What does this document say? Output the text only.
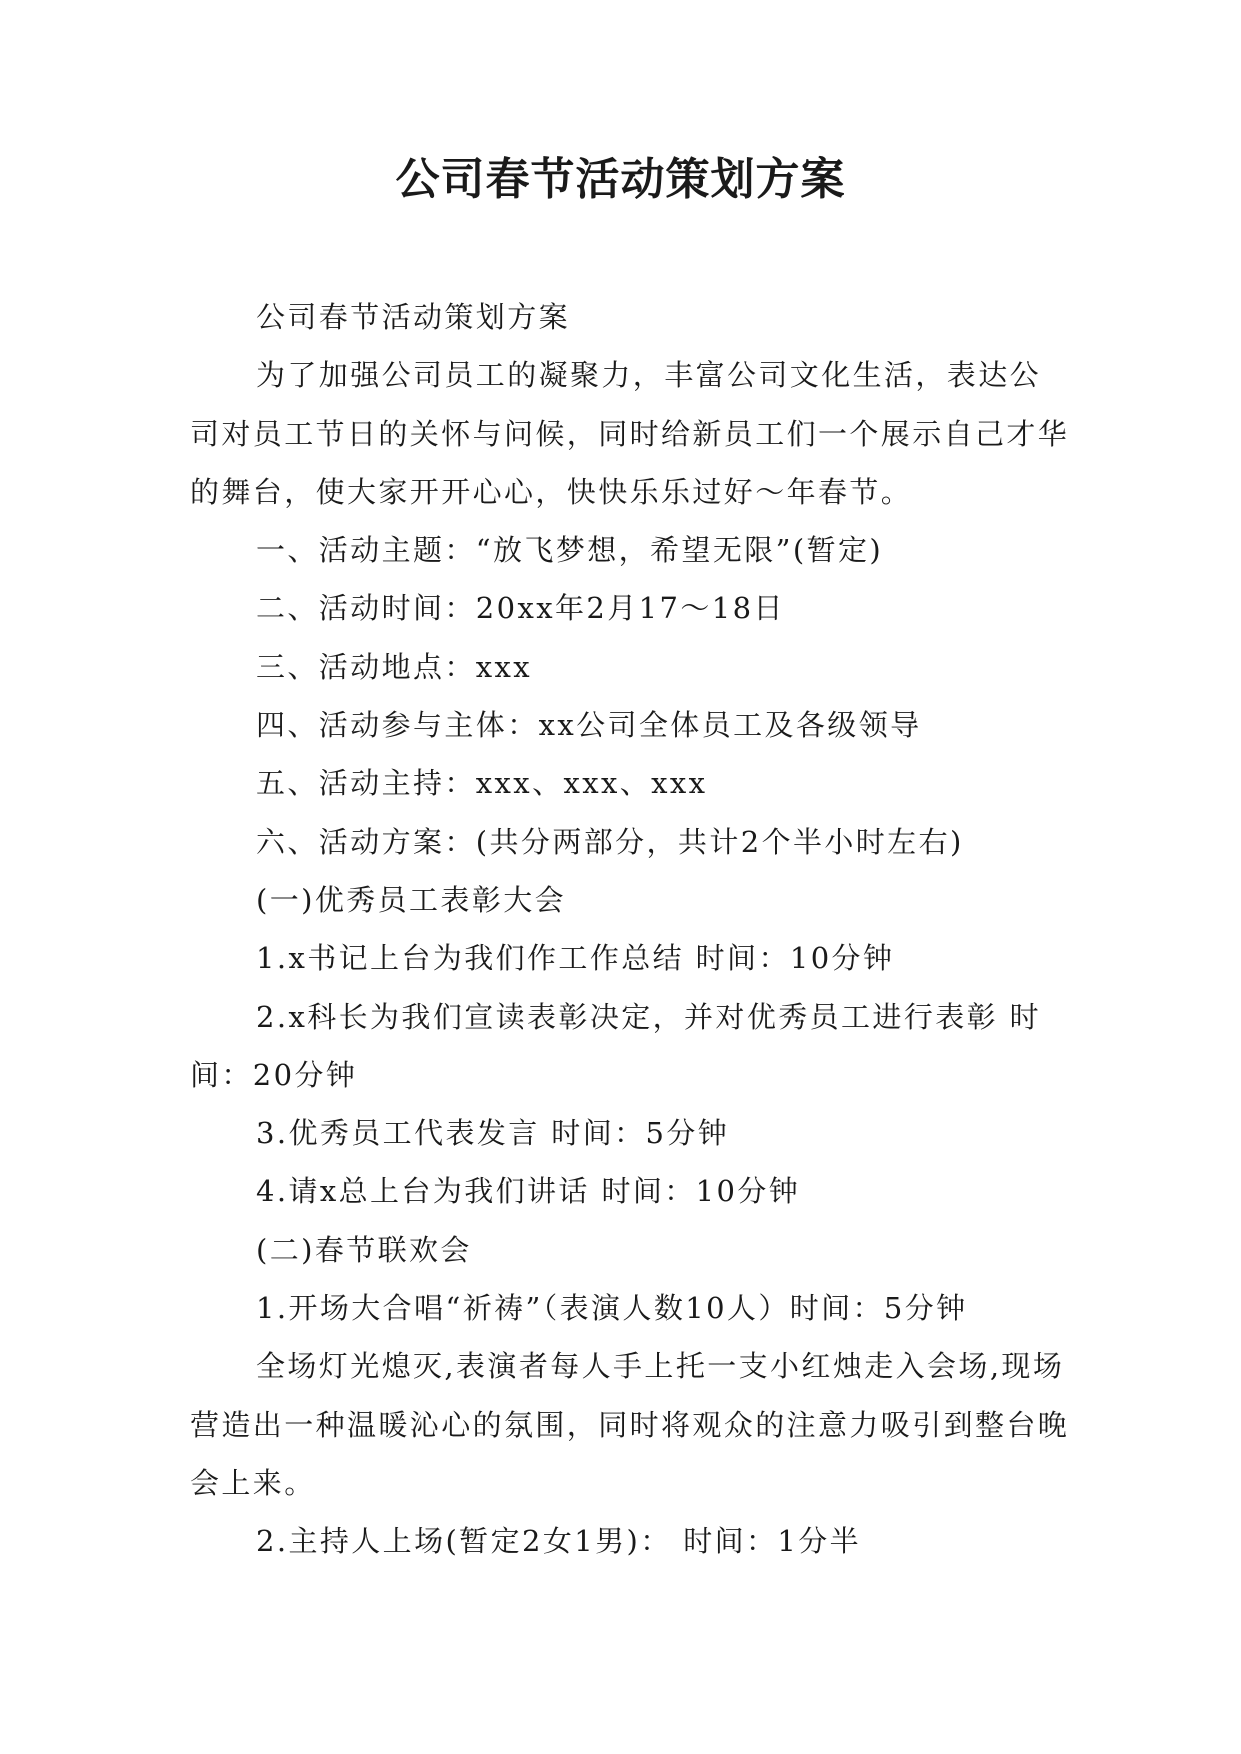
公司春节活动策划方案

公司春节活动策划方案

为了加强公司员工的凝聚力，丰富公司文化生活，表达公司对员工节日的关怀与问候，同时给新员工们一个展示自己才华的舞台，使大家开开心心，快快乐乐过好～年春节。

一、活动主题：“放飞梦想，希望无限”(暂定)

二、活动时间：20xx年2月17～18日

三、活动地点：xxx

四、活动参与主体：xx公司全体员工及各级领导

五、活动主持：xxx、xxx、xxx

六、活动方案：(共分两部分，共计2个半小时左右)

(一)优秀员工表彰大会

1.x书记上台为我们作工作总结 时间：10分钟

2.x科长为我们宣读表彰决定，并对优秀员工进行表彰 时间：20分钟

3.优秀员工代表发言 时间：5分钟

4.请x总上台为我们讲话 时间：10分钟

(二)春节联欢会

1.开场大合唱“祈祷”（表演人数10人）时间：5分钟

全场灯光熄灭,表演者每人手上托一支小红烛走入会场,现场营造出一种温暖沁心的氛围，同时将观众的注意力吸引到整台晚会上来。

2.主持人上场(暂定2女1男)： 时间：1分半
